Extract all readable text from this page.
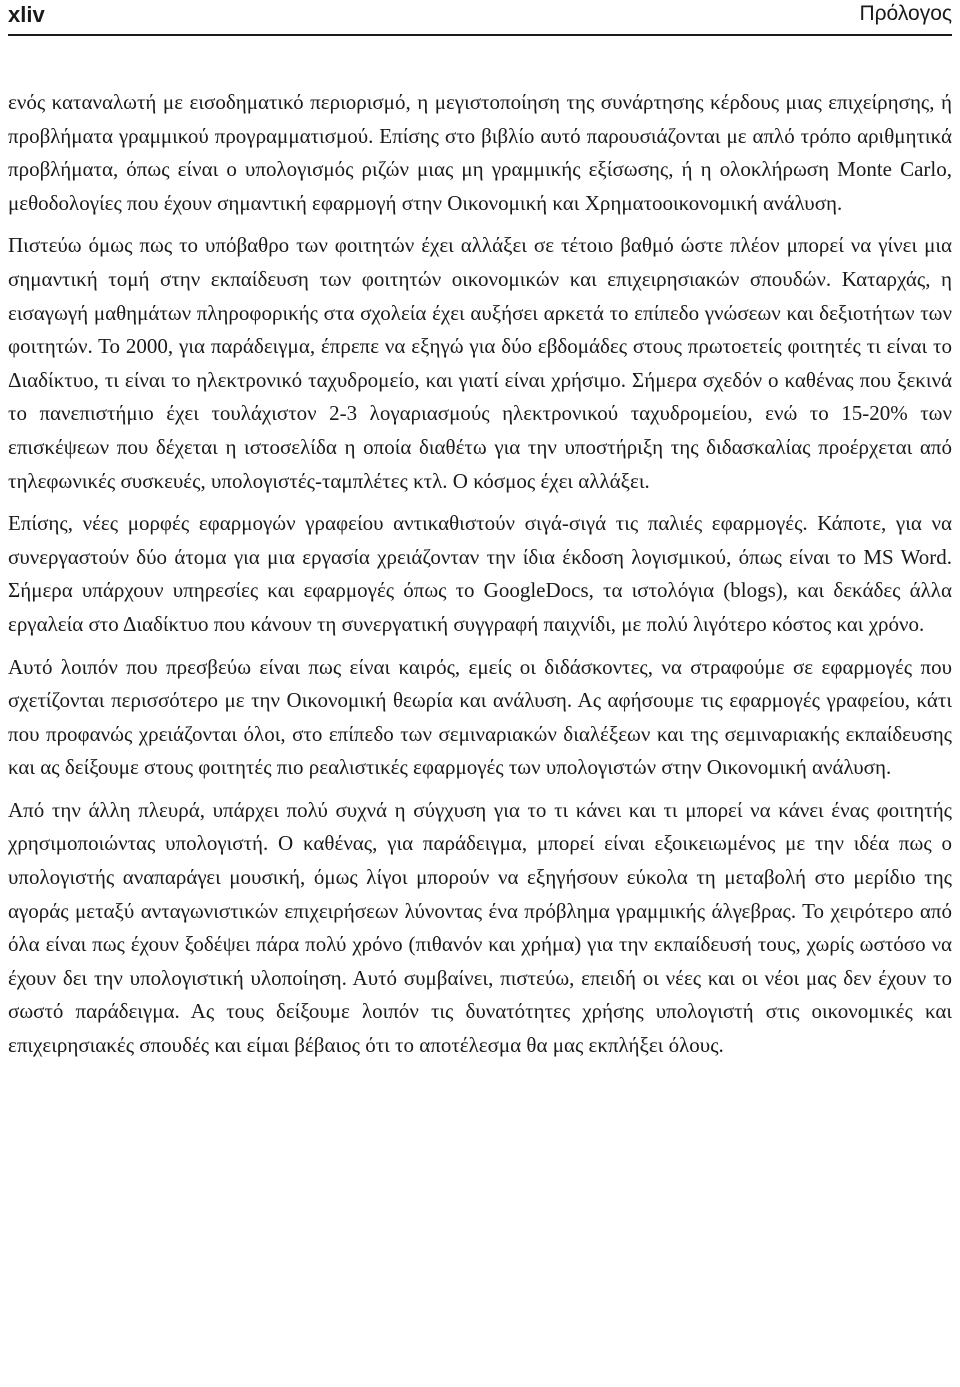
xliv	Πρόλογος

ενός καταναλωτή με εισοδηματικό περιορισμό, η μεγιστοποίηση της συνάρτησης κέρδους μιας επιχείρησης, ή προβλήματα γραμμικού προγραμματισμού. Επίσης στο βιβλίο αυτό παρουσιάζονται με απλό τρόπο αριθμητικά προβλήματα, όπως είναι ο υπολογισμός ριζών μιας μη γραμμικής εξίσωσης, ή η ολοκλήρωση Monte Carlo, μεθοδολογίες που έχουν σημαντική εφαρμογή στην Οικονομική και Χρηματοοικονομική ανάλυση.

Πιστεύω όμως πως το υπόβαθρο των φοιτητών έχει αλλάξει σε τέτοιο βαθμό ώστε πλέον μπορεί να γίνει μια σημαντική τομή στην εκπαίδευση των φοιτητών οικονομικών και επιχειρησιακών σπουδών. Καταρχάς, η εισαγωγή μαθημάτων πληροφορικής στα σχολεία έχει αυξήσει αρκετά το επίπεδο γνώσεων και δεξιοτήτων των φοιτητών. Το 2000, για παράδειγμα, έπρεπε να εξηγώ για δύο εβδομάδες στους πρωτοετείς φοιτητές τι είναι το Διαδίκτυο, τι είναι το ηλεκτρονικό ταχυδρομείο, και γιατί είναι χρήσιμο. Σήμερα σχεδόν ο καθένας που ξεκινά το πανεπιστήμιο έχει τουλάχιστον 2-3 λογαριασμούς ηλεκτρονικού ταχυδρομείου, ενώ το 15-20% των επισκέψεων που δέχεται η ιστοσελίδα η οποία διαθέτω για την υποστήριξη της διδασκαλίας προέρχεται από τηλεφωνικές συσκευές, υπολογιστές-ταμπλέτες κτλ. Ο κόσμος έχει αλλάξει.

Επίσης, νέες μορφές εφαρμογών γραφείου αντικαθιστούν σιγά-σιγά τις παλιές εφαρμογές. Κάποτε, για να συνεργαστούν δύο άτομα για μια εργασία χρειάζονταν την ίδια έκδοση λογισμικού, όπως είναι το MS Word. Σήμερα υπάρχουν υπηρεσίες και εφαρμογές όπως το GoogleDocs, τα ιστολόγια (blogs), και δεκάδες άλλα εργαλεία στο Διαδίκτυο που κάνουν τη συνεργατική συγγραφή παιχνίδι, με πολύ λιγότερο κόστος και χρόνο.

Αυτό λοιπόν που πρεσβεύω είναι πως είναι καιρός, εμείς οι διδάσκοντες, να στραφούμε σε εφαρμογές που σχετίζονται περισσότερο με την Οικονομική θεωρία και ανάλυση. Ας αφήσουμε τις εφαρμογές γραφείου, κάτι που προφανώς χρειάζονται όλοι, στο επίπεδο των σεμιναριακών διαλέξεων και της σεμιναριακής εκπαίδευσης και ας δείξουμε στους φοιτητές πιο ρεαλιστικές εφαρμογές των υπολογιστών στην Οικονομική ανάλυση.

Από την άλλη πλευρά, υπάρχει πολύ συχνά η σύγχυση για το τι κάνει και τι μπορεί να κάνει ένας φοιτητής χρησιμοποιώντας υπολογιστή. Ο καθένας, για παράδειγμα, μπορεί είναι εξοικειωμένος με την ιδέα πως ο υπολογιστής αναπαράγει μουσική, όμως λίγοι μπορούν να εξηγήσουν εύκολα τη μεταβολή στο μερίδιο της αγοράς μεταξύ ανταγωνιστικών επιχειρήσεων λύνοντας ένα πρόβλημα γραμμικής άλγεβρας. Το χειρότερο από όλα είναι πως έχουν ξοδέψει πάρα πολύ χρόνο (πιθανόν και χρήμα) για την εκπαίδευσή τους, χωρίς ωστόσο να έχουν δει την υπολογιστική υλοποίηση. Αυτό συμβαίνει, πιστεύω, επειδή οι νέες και οι νέοι μας δεν έχουν το σωστό παράδειγμα. Ας τους δείξουμε λοιπόν τις δυνατότητες χρήσης υπολογιστή στις οικονομικές και επιχειρησιακές σπουδές και είμαι βέβαιος ότι το αποτέλεσμα θα μας εκπλήξει όλους.
